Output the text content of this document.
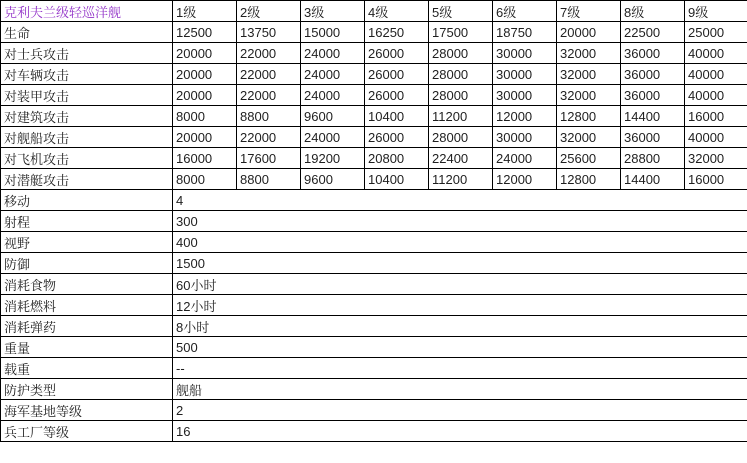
克利夫兰级轻巡洋舰	1级	2级	3级	4级	5级	6级	7级	8级	9级
生命	12500	13750	15000	16250	17500	18750	20000	22500	25000
对士兵攻击	20000	22000	24000	26000	28000	30000	32000	36000	40000
对车辆攻击	20000	22000	24000	26000	28000	30000	32000	36000	40000
对装甲攻击	20000	22000	24000	26000	28000	30000	32000	36000	40000
对建筑攻击	8000	8800	9600	10400	11200	12000	12800	14400	16000
对舰船攻击	20000	22000	24000	26000	28000	30000	32000	36000	40000
对飞机攻击	16000	17600	19200	20800	22400	24000	25600	28800	32000
对潜艇攻击	8000	8800	9600	10400	11200	12000	12800	14400	16000
移动	4								
射程	300								
视野	400								
防御	1500								
消耗食物	60小时								
消耗燃料	12小时								
消耗弹药	8小时								
重量	500								
载重	--								
防护类型	舰船								
海军基地等级	2								
兵工厂等级	16								
